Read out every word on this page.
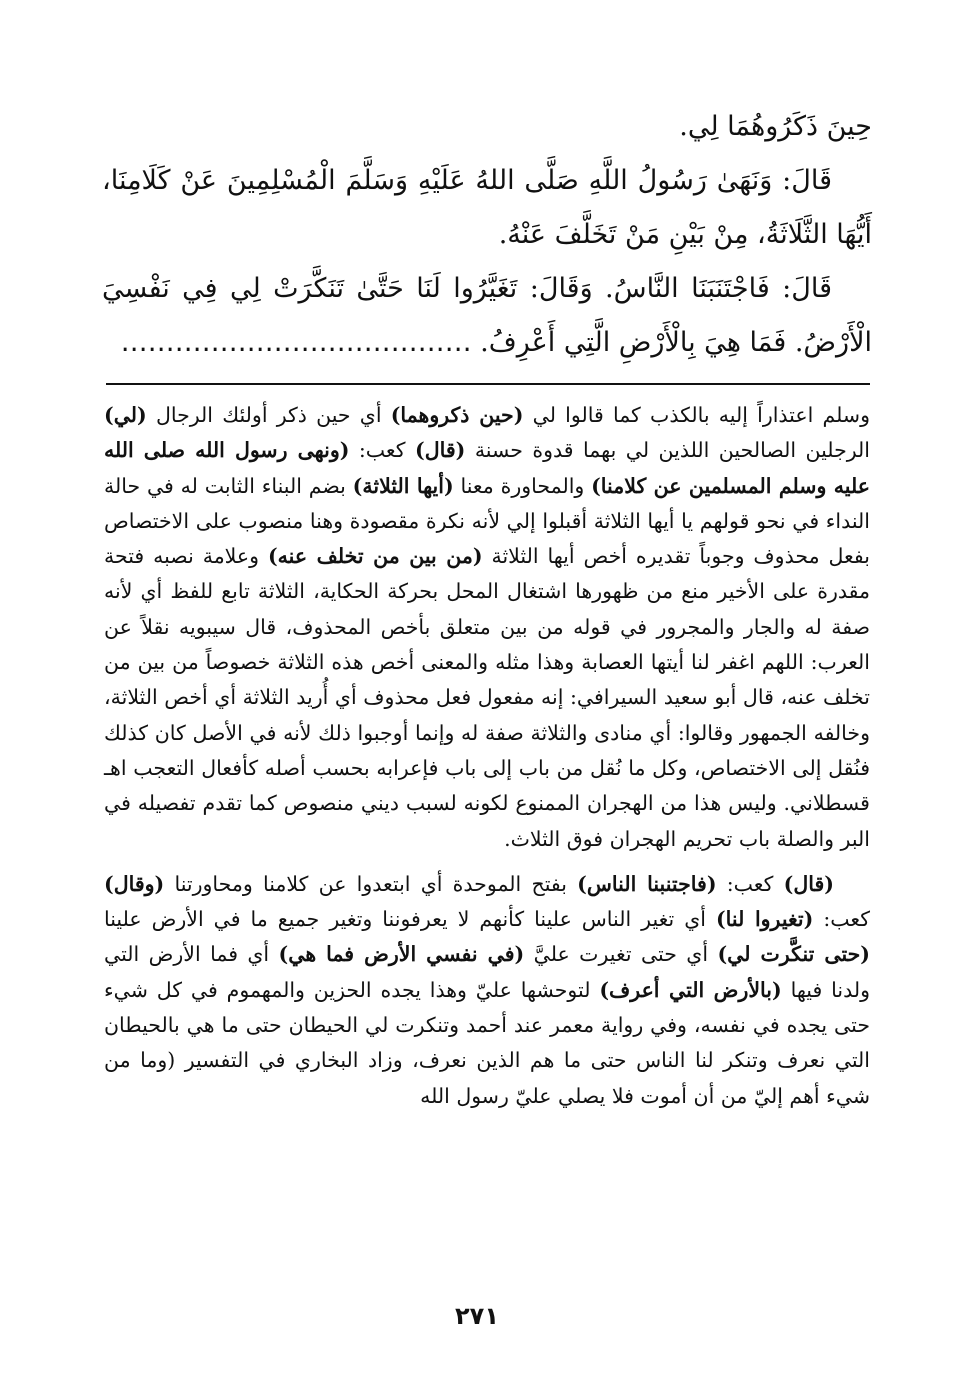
حِينَ ذَكَرُوهُمَا لِي.

قَالَ: وَنَهَىٰ رَسُولُ اللَّهِ صَلَّى اللهُ عَلَيْهِ وَسَلَّمَ الْمُسْلِمِينَ عَنْ كَلَامِنَا، أَيُّهَا الثَّلَاثَةُ، مِنْ بَيْنِ مَنْ تَخَلَّفَ عَنْهُ.

قَالَ: فَاجْتَنَبَنَا النَّاسُ. وَقَالَ: تَغَيَّرُوا لَنَا حَتَّىٰ تَنَكَّرَتْ لِي فِي نَفْسِيَ الْأَرْضُ. فَمَا هِيَ بِالْأَرْضِ الَّتِي أَعْرِفُ. …………………………………

وسلم اعتذاراً إليه بالكذب كما قالوا لي (حين ذكروهما) أي حين ذكر أولئك الرجال (لي) الرجلين الصالحين اللذين لي بهما قدوة حسنة (قال) كعب: (ونهى رسول الله صلى الله عليه وسلم المسلمين عن كلامنا) والمحاورة معنا (أيها الثلاثة) بضم البناء الثابت له في حالة النداء في نحو قولهم يا أيها الثلاثة أقبلوا إلي لأنه نكرة مقصودة وهنا منصوب على الاختصاص بفعل محذوف وجوباً تقديره أخص أيها الثلاثة (من بين من تخلف عنه) وعلامة نصبه فتحة مقدرة على الأخير منع من ظهورها اشتغال المحل بحركة الحكاية، الثلاثة تابع للفظ أي لأنه صفة له والجار والمجرور في قوله من بين متعلق بأخص المحذوف، قال سيبويه نقلاً عن العرب: اللهم اغفر لنا أيتها العصابة وهذا مثله والمعنى أخص هذه الثلاثة خصوصاً من بين من تخلف عنه، قال أبو سعيد السيرافي: إنه مفعول فعل محذوف أي أُريد الثلاثة أي أخص الثلاثة، وخالفه الجمهور وقالوا: أي منادى والثلاثة صفة له وإنما أوجبوا ذلك لأنه في الأصل كان كذلك فنُقل إلى الاختصاص، وكل ما نُقل من باب إلى باب فإعرابه بحسب أصله كأفعال التعجب اهـ قسطلاني. وليس هذا من الهجران الممنوع لكونه لسبب ديني منصوص كما تقدم تفصيله في البر والصلة باب تحريم الهجران فوق الثلاث.

(قال) كعب: (فاجتنبنا الناس) بفتح الموحدة أي ابتعدوا عن كلامنا ومحاورتنا (وقال) كعب: (تغيروا لنا) أي تغير الناس علينا كأنهم لا يعرفوننا وتغير جميع ما في الأرض علينا (حتى تنكَّرت لي) أي حتى تغيرت عليَّ (في نفسي الأرض فما هي) أي فما الأرض التي ولدنا فيها (بالأرض التي أعرف) لتوحشها عليّ وهذا يجده الحزين والمهموم في كل شيء حتى يجده في نفسه، وفي رواية معمر عند أحمد وتنكرت لي الحيطان حتى ما هي بالحيطان التي نعرف وتنكر لنا الناس حتى ما هم الذين نعرف، وزاد البخاري في التفسير (وما من شيء أهم إليّ من أن أموت فلا يصلي عليّ رسول الله

٢٧١
